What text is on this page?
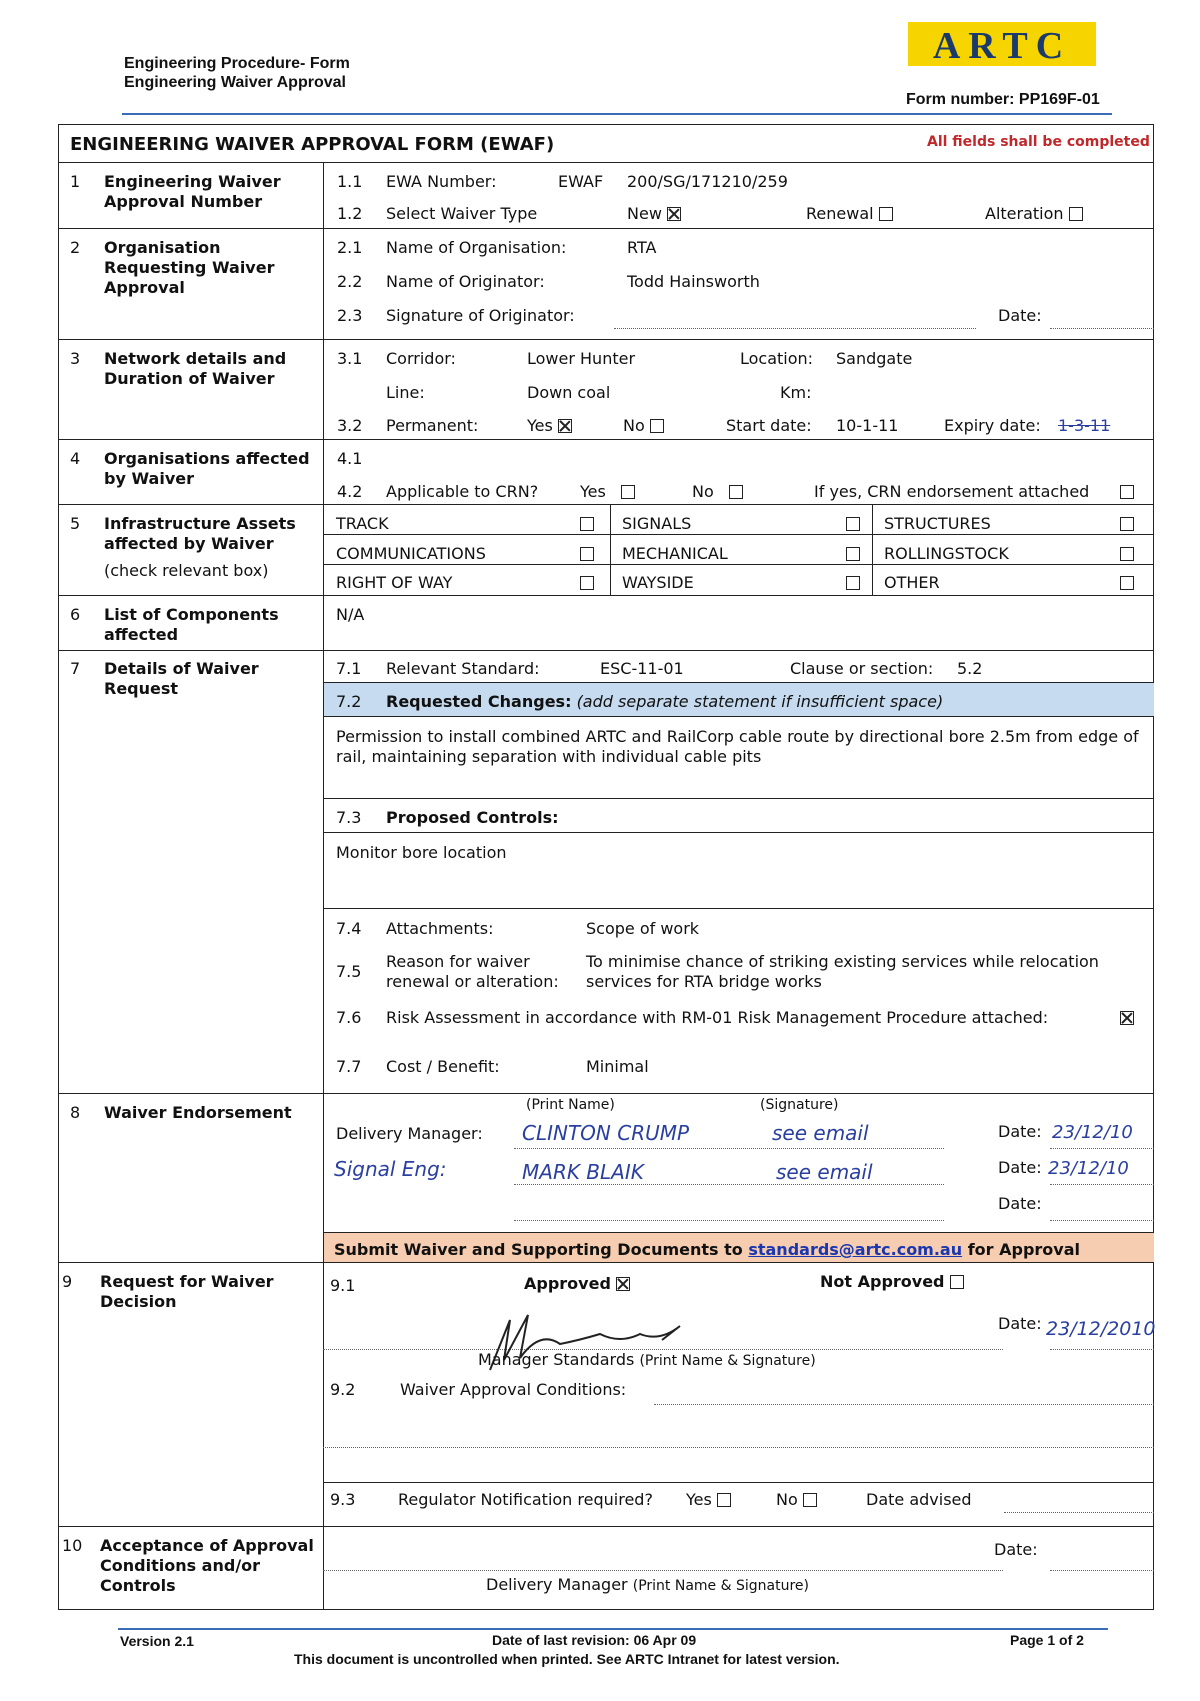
Engineering Procedure- Form
Engineering Waiver Approval
ARTC
Form number: PP169F-01
ENGINEERING WAIVER APPROVAL FORM (EWAF)	All fields shall be completed
1 Engineering Waiver Approval Number
1.1 EWA Number:	EWAF 200/SG/171210/259
1.2 Select Waiver Type	New	Renewal	Alteration
2 Organisation Requesting Waiver Approval
2.1 Name of Organisation:	RTA
2.2 Name of Originator:	Todd Hainsworth
2.3 Signature of Originator:	Date:
3 Network details and Duration of Waiver
3.1 Corridor:	Lower Hunter	Location: Sandgate
Line:	Down coal	Km:
3.2 Permanent:	Yes	No	Start date: 10-1-11	Expiry date: 1-3-11
4 Organisations affected by Waiver
4.1
4.2 Applicable to CRN?	Yes	No	If yes, CRN endorsement attached
5 Infrastructure Assets affected by Waiver
(check relevant box)
TRACK	SIGNALS	STRUCTURES
COMMUNICATIONS	MECHANICAL	ROLLINGSTOCK
RIGHT OF WAY	WAYSIDE	OTHER
6 List of Components affected
N/A
7 Details of Waiver Request
7.1 Relevant Standard:	ESC-11-01	Clause or section: 5.2
7.2 Requested Changes: (add separate statement if insufficient space)
Permission to install combined ARTC and RailCorp cable route by directional bore 2.5m from edge of rail, maintaining separation with individual cable pits
7.3 Proposed Controls:
Monitor bore location
7.4 Attachments:	Scope of work
7.5
Reason for waiver
renewal or alteration:
To minimise chance of striking existing services while relocation
services for RTA bridge works
7.6 Risk Assessment in accordance with RM-01 Risk Management Procedure attached:
7.7 Cost / Benefit:	Minimal
8 Waiver Endorsement	(Print Name)	(Signature)
Delivery Manager: CLINTON CRUMP	see email	Date: 23/12/10
Signal Eng:	MARK BLAIK	see email	Date: 23/12/10
Date:
Submit Waiver and Supporting Documents to standards@artc.com.au for Approval
9 Request for Waiver Decision
9.1	Approved	Not Approved
Date: 23/12/2010
Manager Standards (Print Name & Signature)
9.2	Waiver Approval Conditions:
9.3	Regulator Notification required? Yes	No	Date advised
10 Acceptance of Approval Conditions and/or Controls
Date:
Delivery Manager (Print Name & Signature)
Version 2.1	Date of last revision: 06 Apr 09
This document is uncontrolled when printed. See ARTC Intranet for latest version.
Page 1 of 2
